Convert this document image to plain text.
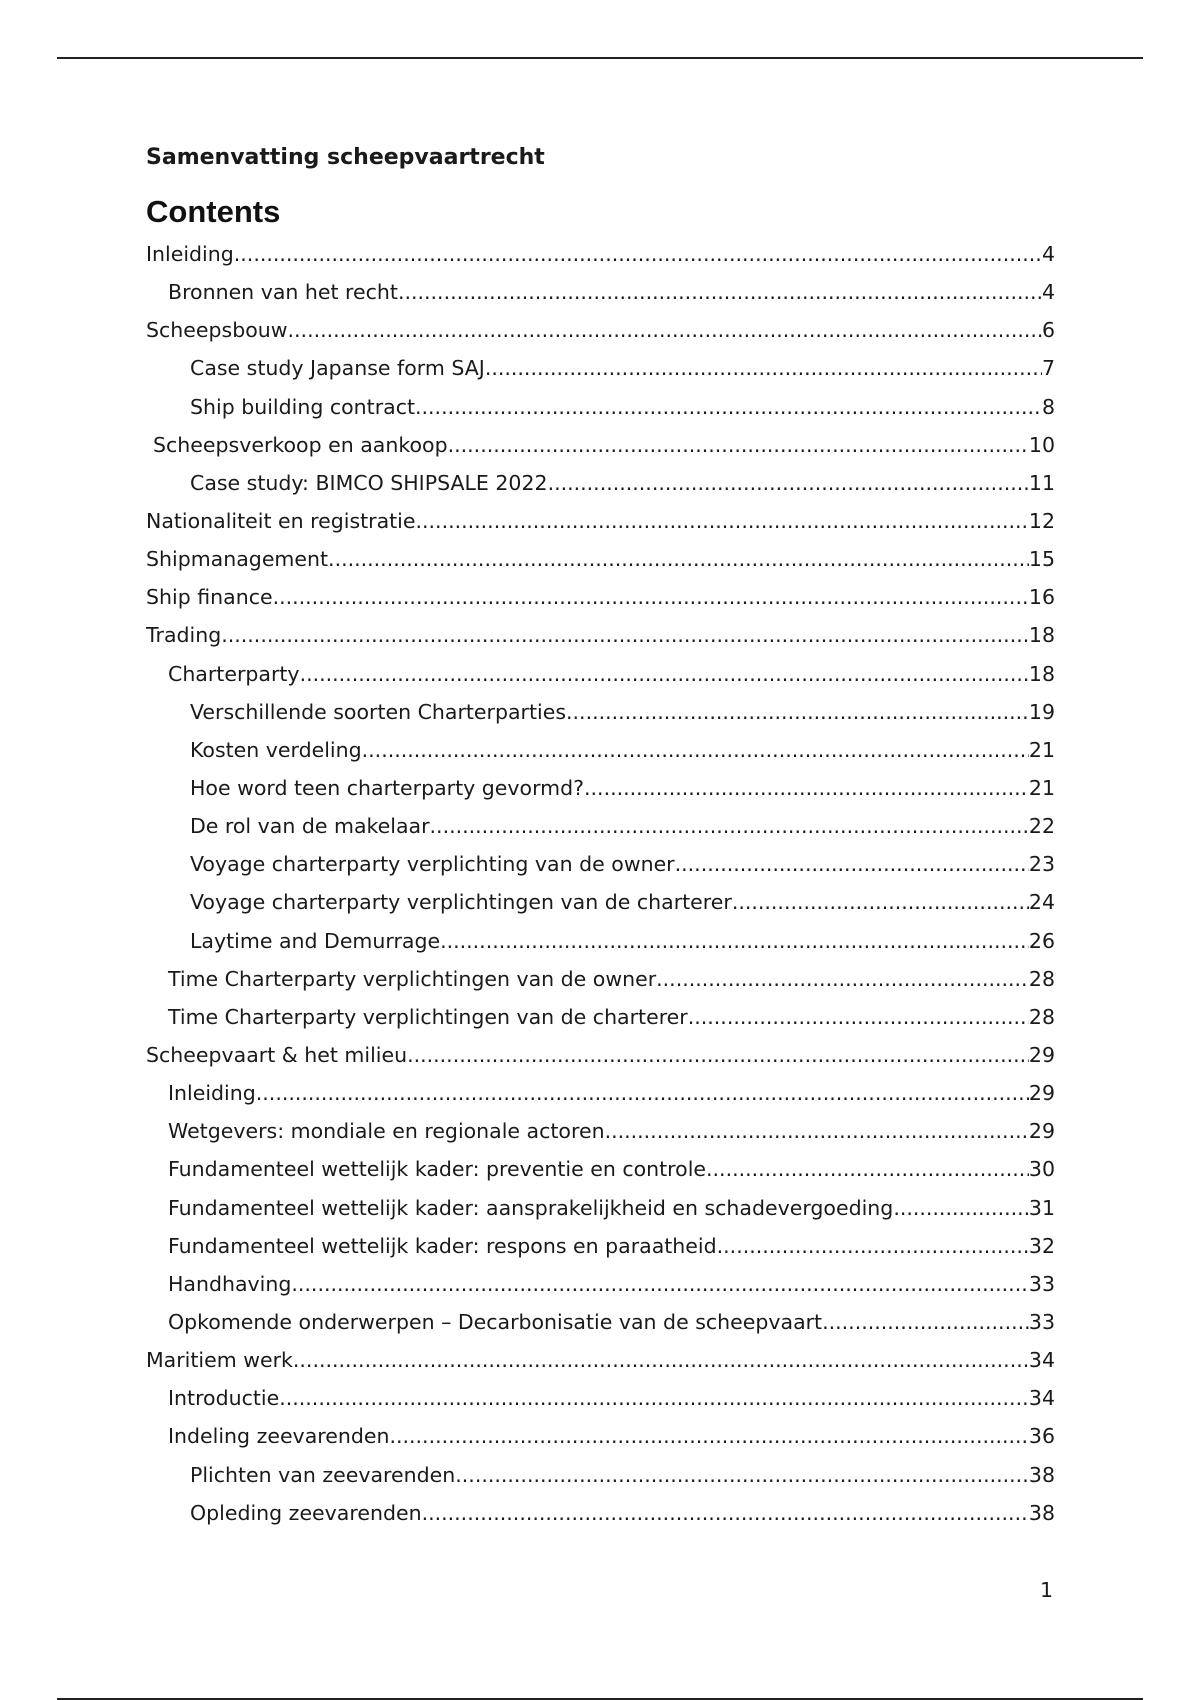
Samenvatting scheepvaartrecht
Contents
Inleiding .....	4
Bronnen van het recht .....	4
Scheepsbouw .....	6
Case study Japanse form SAJ .....	7
Ship building contract .....	8
Scheepsverkoop en aankoop .....	10
Case study: BIMCO SHIPSALE 2022 .....	11
Nationaliteit en registratie .....	12
Shipmanagement .....	15
Ship finance .....	16
Trading .....	18
Charterparty .....	18
Verschillende soorten Charterparties .....	19
Kosten verdeling .....	21
Hoe word teen charterparty gevormd? .....	21
De rol van de makelaar .....	22
Voyage charterparty verplichting van de owner .....	23
Voyage charterparty verplichtingen van de charterer .....	24
Laytime and Demurrage .....	26
Time Charterparty verplichtingen van de owner .....	28
Time Charterparty verplichtingen van de charterer .....	28
Scheepvaart & het milieu .....	29
Inleiding .....	29
Wetgevers: mondiale en regionale actoren .....	29
Fundamenteel wettelijk kader: preventie en controle .....	30
Fundamenteel wettelijk kader: aansprakelijkheid en schadevergoeding .....	31
Fundamenteel wettelijk kader: respons en paraatheid .....	32
Handhaving .....	33
Opkomende onderwerpen – Decarbonisatie van de scheepvaart .....	33
Maritiem werk .....	34
Introductie .....	34
Indeling zeevarenden .....	36
Plichten van zeevarenden .....	38
Opleding zeevarenden .....	38
1
